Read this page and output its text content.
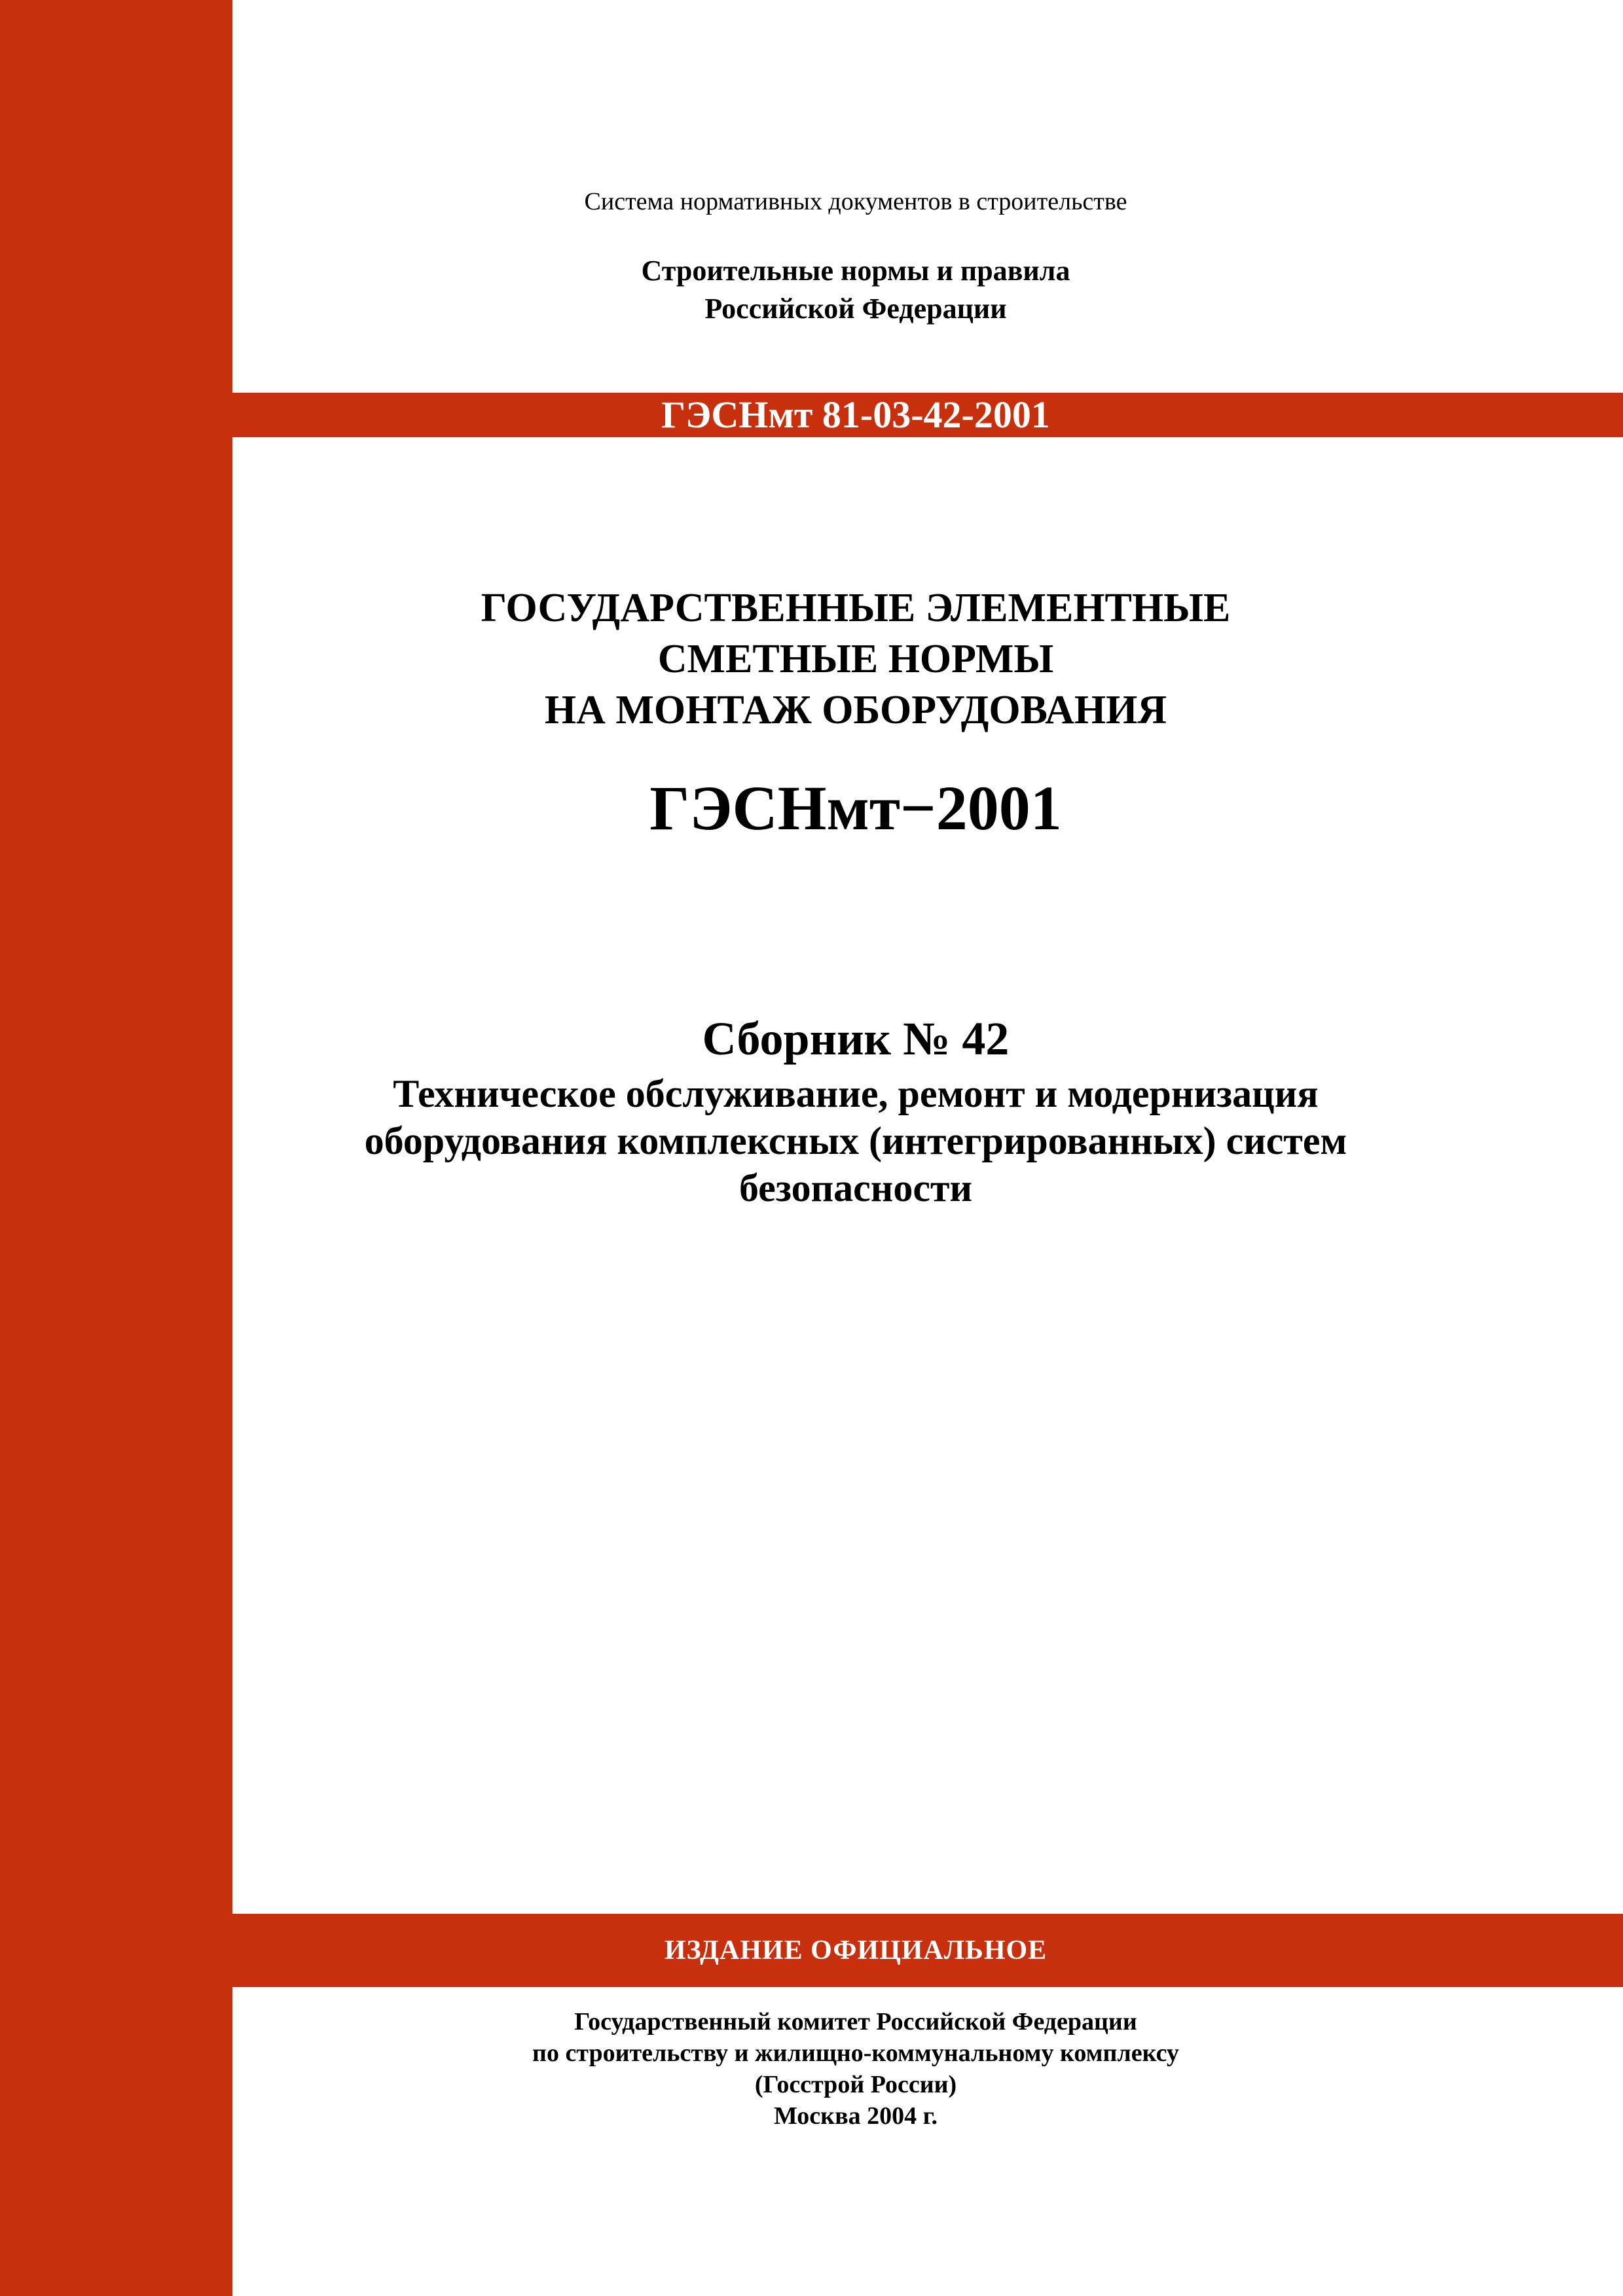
Система нормативных документов в строительстве
Строительные нормы и правила
Российской Федерации
ГЭСНмт 81-03-42-2001
ГОСУДАРСТВЕННЫЕ ЭЛЕМЕНТНЫЕ
СМЕТНЫЕ НОРМЫ
НА МОНТАЖ ОБОРУДОВАНИЯ
ГЭСНмт−2001
Сборник № 42
Техническое обслуживание, ремонт и модернизация
оборудования комплексных (интегрированных) систем
безопасности
ИЗДАНИЕ ОФИЦИАЛЬНОЕ
Государственный комитет Российской Федерации
по строительству и жилищно-коммунальному комплексу
(Госстрой России)
Москва 2004 г.
